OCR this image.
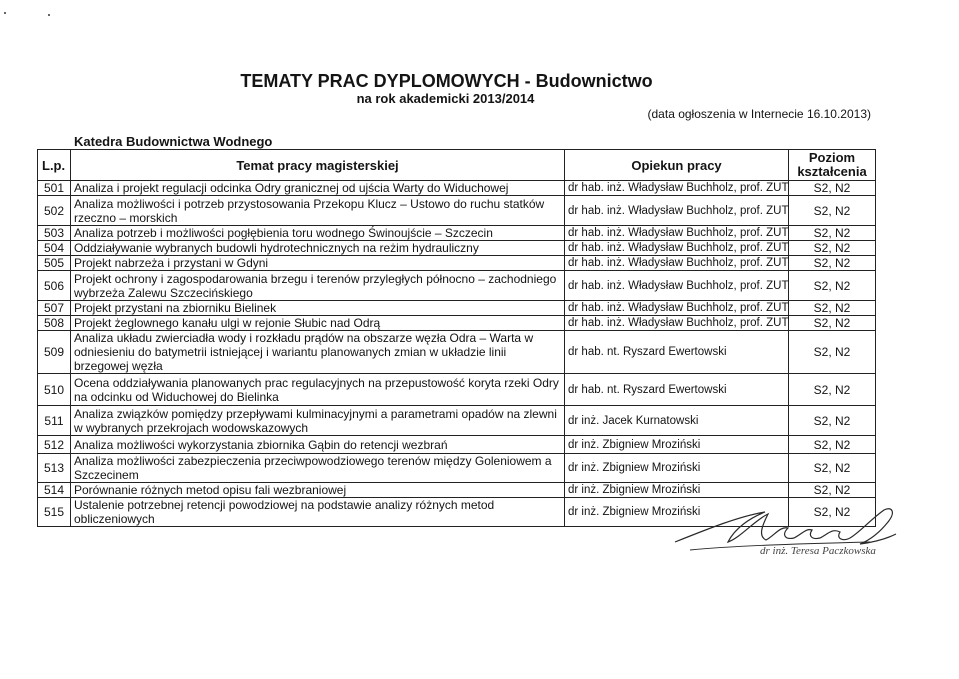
TEMATY PRAC DYPLOMOWYCH - Budownictwo
na rok akademicki 2013/2014
(data ogłoszenia w Internecie 16.10.2013)
Katedra Budownictwa Wodnego
L.p.	Temat pracy magisterskiej	Opiekun pracy	Poziom kształcenia
501	Analiza i projekt regulacji odcinka Odry granicznej od ujścia Warty do Widuchowej	dr hab. inż. Władysław Buchholz, prof. ZUT	S2, N2
502	Analiza możliwości i potrzeb przystosowania Przekopu Klucz – Ustowo do ruchu statków rzeczno – morskich	dr hab. inż. Władysław Buchholz, prof. ZUT	S2, N2
503	Analiza potrzeb i możliwości pogłębienia toru wodnego Świnoujście – Szczecin	dr hab. inż. Władysław Buchholz, prof. ZUT	S2, N2
504	Oddziaływanie wybranych budowli hydrotechnicznych na reżim hydrauliczny	dr hab. inż. Władysław Buchholz, prof. ZUT	S2, N2
505	Projekt nabrzeża i przystani w Gdyni	dr hab. inż. Władysław Buchholz, prof. ZUT	S2, N2
506	Projekt ochrony i zagospodarowania brzegu i terenów przyległych północno – zachodniego wybrzeża Zalewu Szczecińskiego	dr hab. inż. Władysław Buchholz, prof. ZUT	S2, N2
507	Projekt przystani na zbiorniku Bielinek	dr hab. inż. Władysław Buchholz, prof. ZUT	S2, N2
508	Projekt żeglownego kanału ulgi w rejonie Słubic nad Odrą	dr hab. inż. Władysław Buchholz, prof. ZUT	S2, N2
509	Analiza układu zwierciadła wody i rozkładu prądów na obszarze węzła Odra – Warta w odniesieniu do batymetrii istniejącej i wariantu planowanych zmian w układzie linii brzegowej węzła	dr hab. nt. Ryszard Ewertowski	S2, N2
510	Ocena oddziaływania planowanych prac regulacyjnych na przepustowość koryta rzeki Odry na odcinku od Widuchowej do Bielinka	dr hab. nt. Ryszard Ewertowski	S2, N2
511	Analiza związków pomiędzy przepływami kulminacyjnymi a parametrami opadów na zlewni w wybranych przekrojach wodowskazowych	dr inż. Jacek Kurnatowski	S2, N2
512	Analiza możliwości wykorzystania zbiornika Gąbin do retencji wezbrań	dr inż. Zbigniew Mroziński	S2, N2
513	Analiza możliwości zabezpieczenia przeciwpowodziowego terenów między Goleniowem a Szczecinem	dr inż. Zbigniew Mroziński	S2, N2
514	Porównanie różnych metod opisu fali wezbraniowej	dr inż. Zbigniew Mroziński	S2, N2
515	Ustalenie potrzebnej retencji powodziowej na podstawie analizy różnych metod obliczeniowych	dr inż. Zbigniew Mroziński	S2, N2
dr inż. Teresa Paczkowska
